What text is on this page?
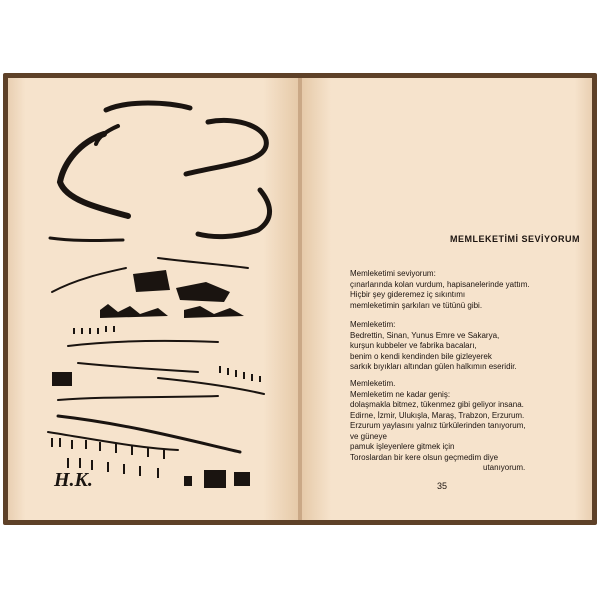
H.K.
MEMLEKETİMİ SEVİYORUM
Memleketimi seviyorum:
çınarlarında kolan vurdum, hapisanelerinde yattım.
Hiçbir şey gideremez iç sıkıntımı
memleketimin şarkıları ve tütünü gibi.
Memleketim:
Bedrettin, Sinan, Yunus Emre ve Sakarya,
kurşun kubbeler ve fabrika bacaları,
benim o kendi kendinden bile gizleyerek
sarkık bıyıkları altından gülen halkımın eseridir.
Memleketim.
Memleketim ne kadar geniş:
dolaşmakla bitmez, tükenmez gibi geliyor insana.
Edirne, İzmir, Ulukışla, Maraş, Trabzon, Erzurum.
Erzurum yaylasını yalnız türkülerinden tanıyorum,
ve güneye
pamuk işleyenlere gitmek için
Toroslardan bir kere olsun geçmedim diye
utanıyorum.
35
